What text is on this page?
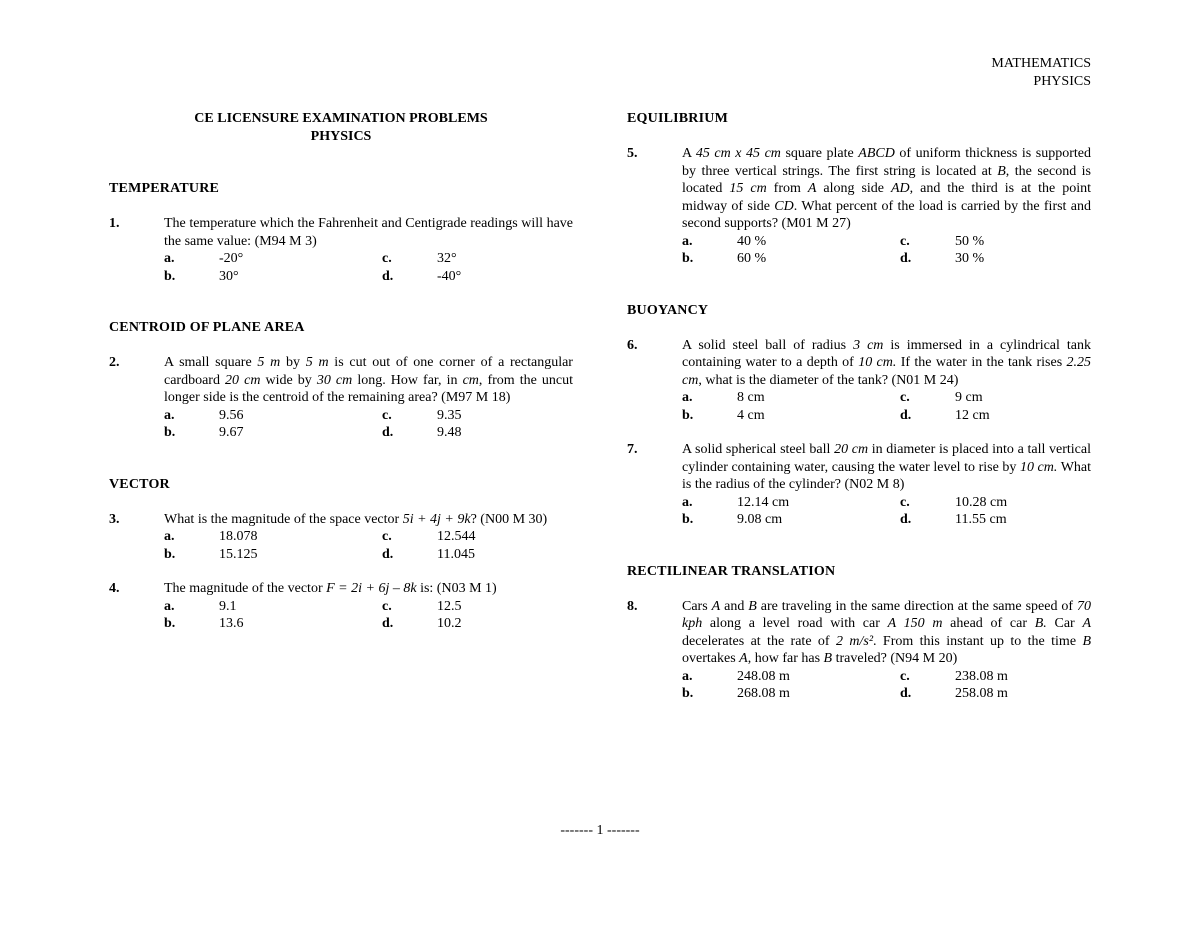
MATHEMATICS
PHYSICS
CE LICENSURE EXAMINATION PROBLEMS
PHYSICS
TEMPERATURE
1.	The temperature which the Fahrenheit and Centigrade readings will have the same value: (M94 M 3)
a.	-20°	c.	32°
b.	30°	d.	-40°
CENTROID OF PLANE AREA
2.	A small square 5 m by 5 m is cut out of one corner of a rectangular cardboard 20 cm wide by 30 cm long. How far, in cm, from the uncut longer side is the centroid of the remaining area? (M97 M 18)
a.	9.56	c.	9.35
b.	9.67	d.	9.48
VECTOR
3.	What is the magnitude of the space vector 5i + 4j + 9k? (N00 M 30)
a.	18.078	c.	12.544
b.	15.125	d.	11.045
4.	The magnitude of the vector F = 2i + 6j – 8k is: (N03 M 1)
a.	9.1	c.	12.5
b.	13.6	d.	10.2
EQUILIBRIUM
5.	A 45 cm x 45 cm square plate ABCD of uniform thickness is supported by three vertical strings. The first string is located at B, the second is located 15 cm from A along side AD, and the third is at the point midway of side CD. What percent of the load is carried by the first and second supports? (M01 M 27)
a.	40 %	c.	50 %
b.	60 %	d.	30 %
BUOYANCY
6.	A solid steel ball of radius 3 cm is immersed in a cylindrical tank containing water to a depth of 10 cm. If the water in the tank rises 2.25 cm, what is the diameter of the tank? (N01 M 24)
a.	8 cm	c.	9 cm
b.	4 cm	d.	12 cm
7.	A solid spherical steel ball 20 cm in diameter is placed into a tall vertical cylinder containing water, causing the water level to rise by 10 cm. What is the radius of the cylinder? (N02 M 8)
a.	12.14 cm	c.	10.28 cm
b.	9.08 cm	d.	11.55 cm
RECTILINEAR TRANSLATION
8.	Cars A and B are traveling in the same direction at the same speed of 70 kph along a level road with car A 150 m ahead of car B. Car A decelerates at the rate of 2 m/s². From this instant up to the time B overtakes A, how far has B traveled? (N94 M 20)
a.	248.08 m	c.	238.08 m
b.	268.08 m	d.	258.08 m
------- 1 -------
